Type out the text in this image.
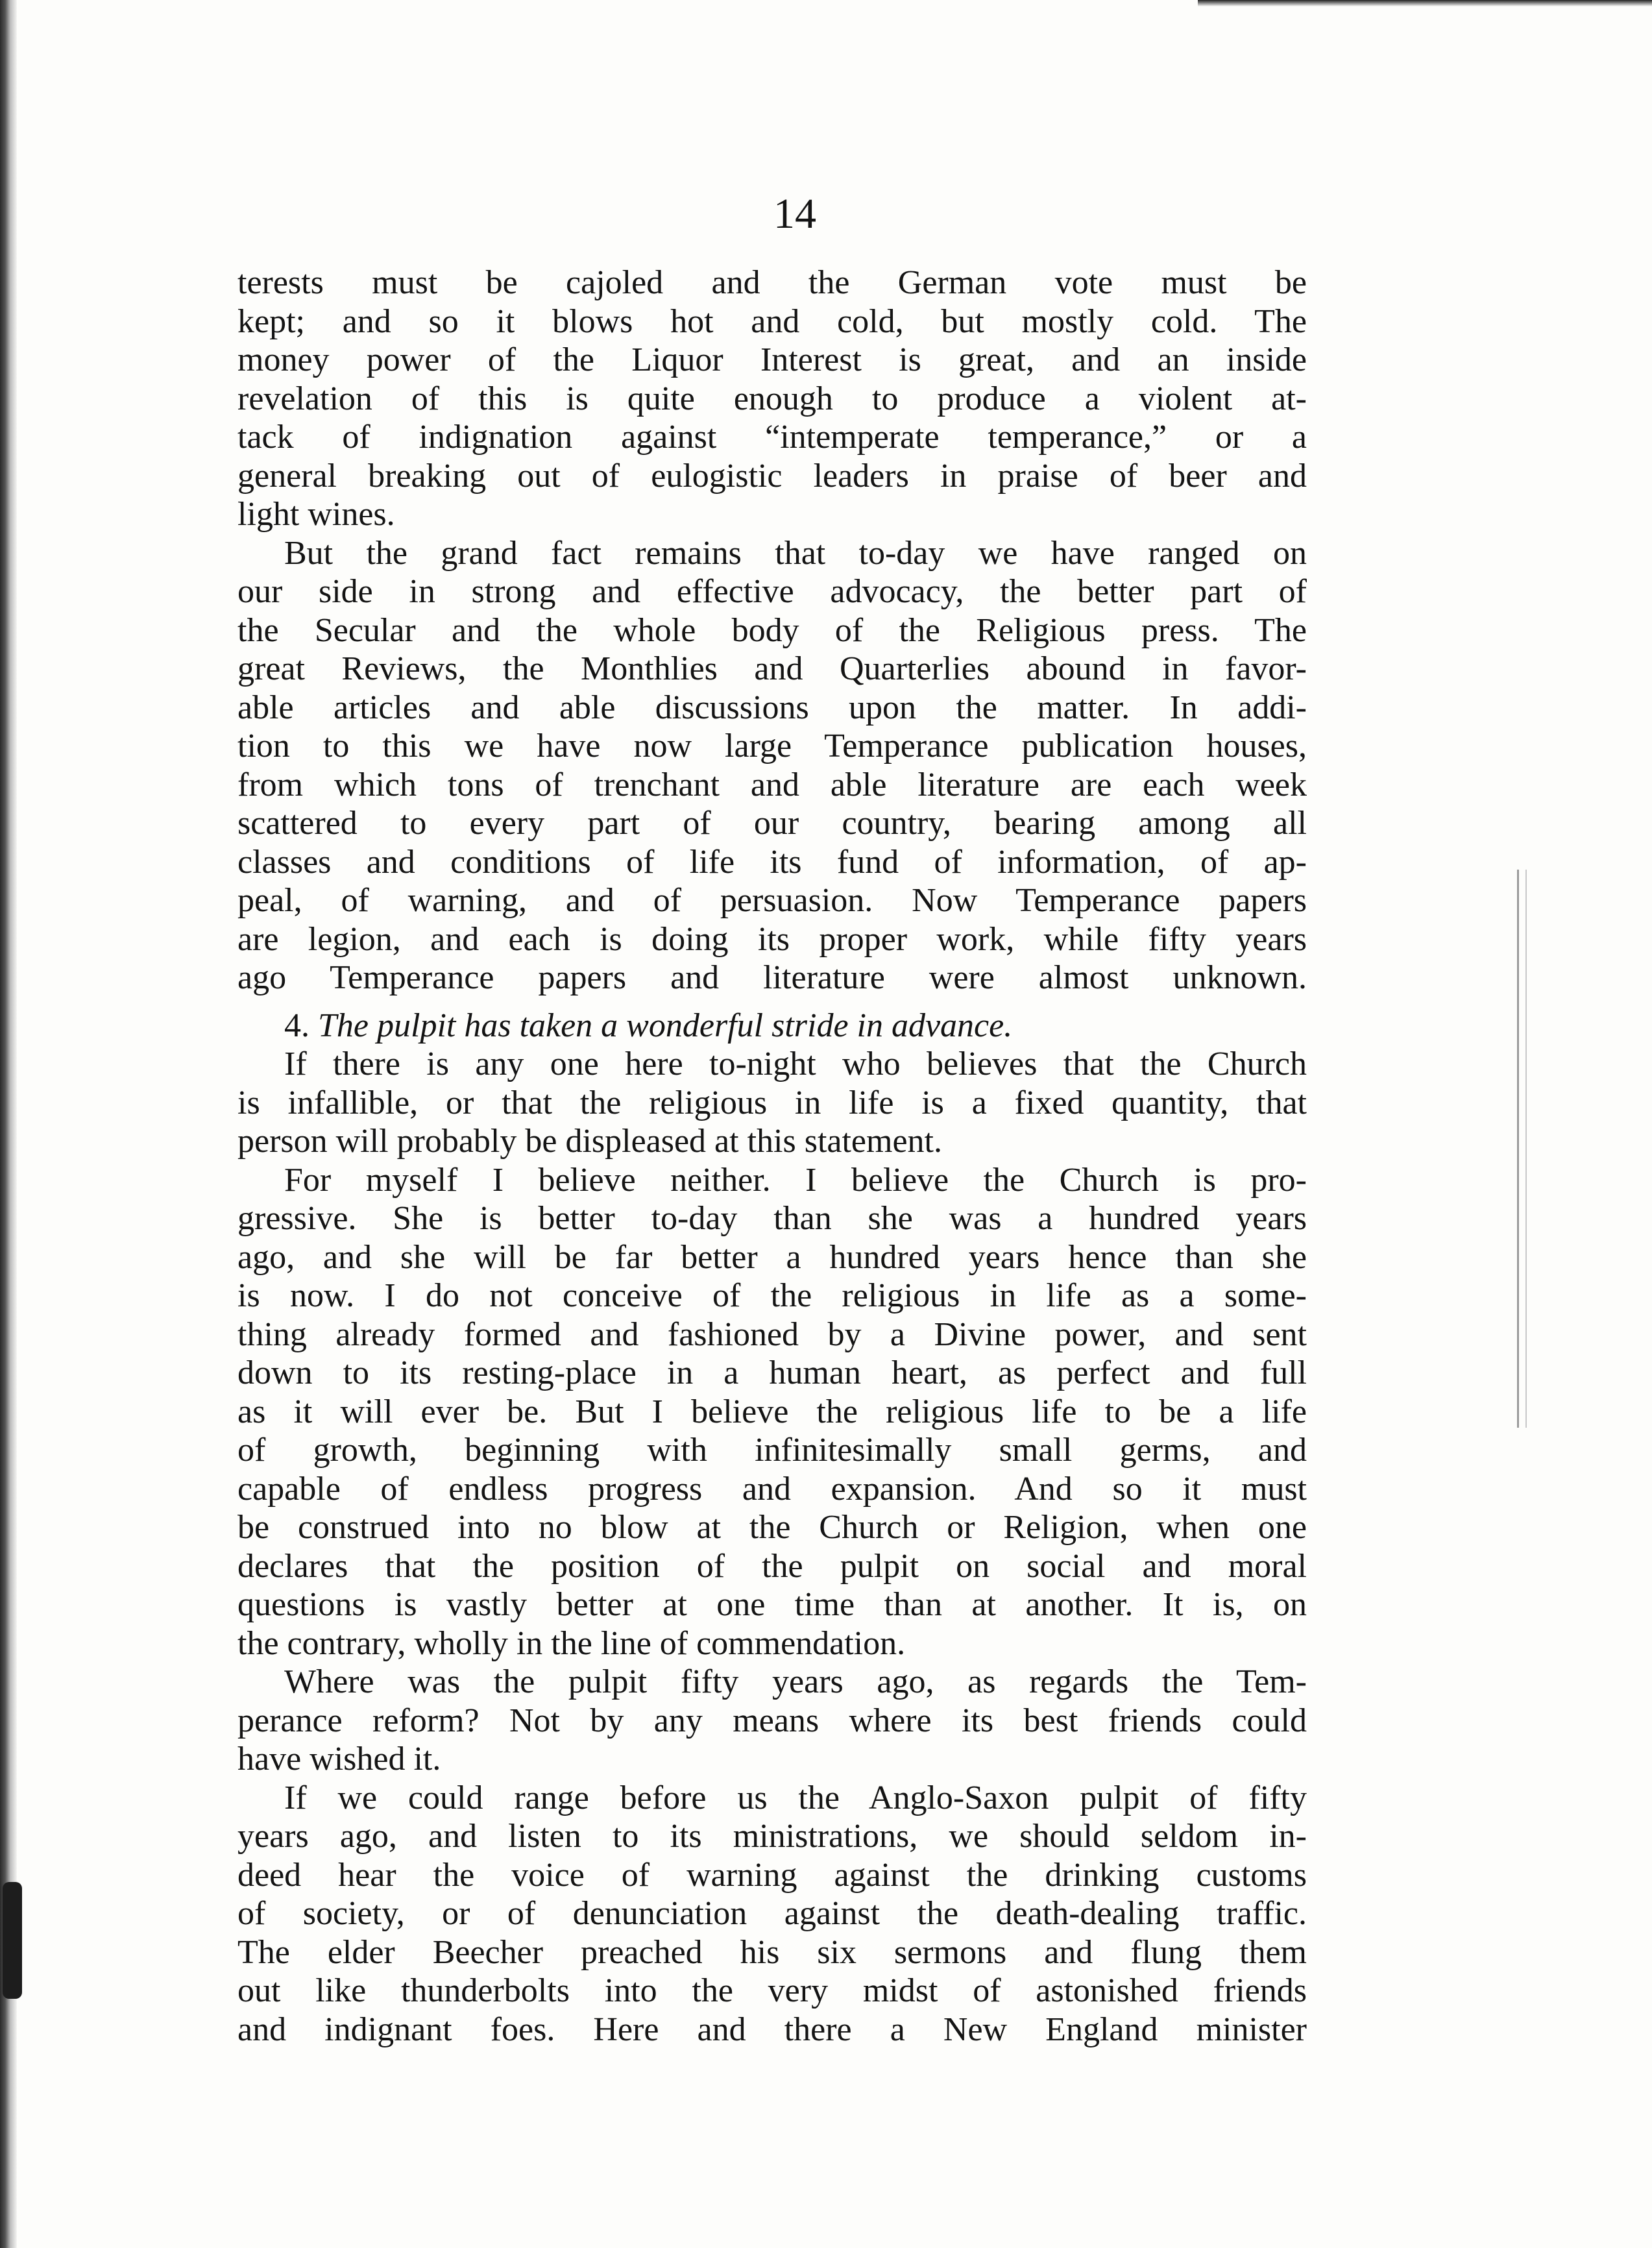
14
terests must be cajoled and the German vote must be
kept; and so it blows hot and cold, but mostly cold. The
money power of the Liquor Interest is great, and an inside
revelation of this is quite enough to produce a violent at-
tack of indignation against “intemperate temperance,” or a
general breaking out of eulogistic leaders in praise of beer and
light wines.
But the grand fact remains that to-day we have ranged on
our side in strong and effective advocacy, the better part of
the Secular and the whole body of the Religious press. The
great Reviews, the Monthlies and Quarterlies abound in favor-
able articles and able discussions upon the matter. In addi-
tion to this we have now large Temperance publication houses,
from which tons of trenchant and able literature are each week
scattered to every part of our country, bearing among all
classes and conditions of life its fund of information, of ap-
peal, of warning, and of persuasion. Now Temperance papers
are legion, and each is doing its proper work, while fifty years
ago Temperance papers and literature were almost unknown.
4. The pulpit has taken a wonderful stride in advance.
If there is any one here to-night who believes that the Church
is infallible, or that the religious in life is a fixed quantity, that
person will probably be displeased at this statement.
For myself I believe neither. I believe the Church is pro-
gressive. She is better to-day than she was a hundred years
ago, and she will be far better a hundred years hence than she
is now. I do not conceive of the religious in life as a some-
thing already formed and fashioned by a Divine power, and sent
down to its resting-place in a human heart, as perfect and full
as it will ever be. But I believe the religious life to be a life
of growth, beginning with infinitesimally small germs, and
capable of endless progress and expansion. And so it must
be construed into no blow at the Church or Religion, when one
declares that the position of the pulpit on social and moral
questions is vastly better at one time than at another. It is, on
the contrary, wholly in the line of commendation.
Where was the pulpit fifty years ago, as regards the Tem-
perance reform? Not by any means where its best friends could
have wished it.
If we could range before us the Anglo-Saxon pulpit of fifty
years ago, and listen to its ministrations, we should seldom in-
deed hear the voice of warning against the drinking customs
of society, or of denunciation against the death-dealing traffic.
The elder Beecher preached his six sermons and flung them
out like thunderbolts into the very midst of astonished friends
and indignant foes. Here and there a New England minister
